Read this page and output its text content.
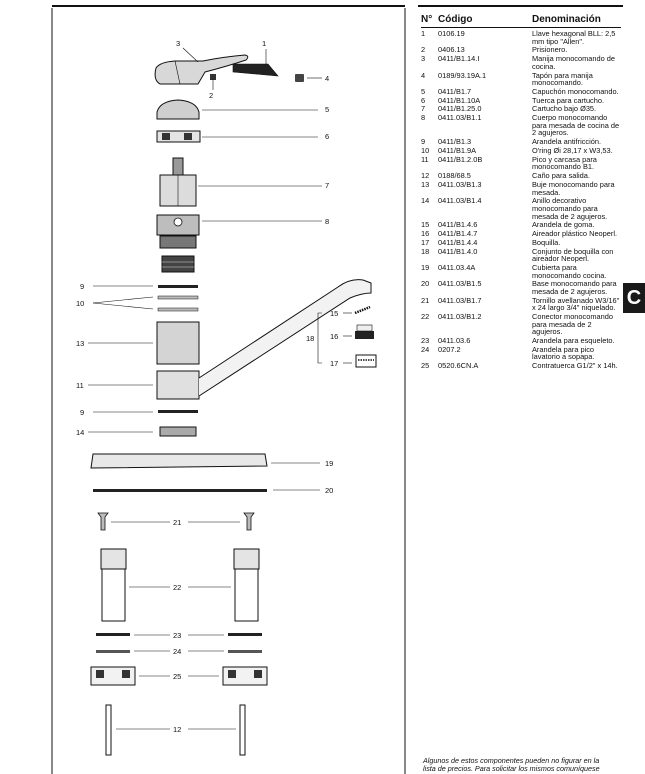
3	1
2
4
5
6
7
8
9
10
13
11
9
14
15
16
17
18
19
20
21
22
23
24
25
12
N° Código	Denominación
1	0106.19	Llave hexagonal BLL: 2,5 mm tipo "Allen".
2	0406.13	Prisionero.
3	0411/B1.14.I	Manija monocomando de cocina.
4	0189/93.19A.1	Tapón para manija monocomando.
5	0411/B1.7	Capuchón monocomando.
6	0411/B1.10A	Tuerca para cartucho.
7	0411/B1.25.0	Cartucho bajo Ø35.
8	0411.03/B1.1	Cuerpo monocomando para mesada de cocina de 2 agujeros.
9	0411/B1.3	Arandela antifricción.
10	0411/B1.9A	O'ring Øi 28,17 x W3,53.
11	0411/B1.2.0B	Pico y carcasa para monocomando B1.
12	0188/68.5	Caño para salida.
13	0411.03/B1.3	Buje monocomando para mesada.
14	0411.03/B1.4	Anillo decorativo monocomando para mesada de 2 agujeros.
15	0411/B1.4.6	Arandela de goma.
16	0411/B1.4.7	Aireador plástico Neoperl.
17	0411/B1.4.4	Boquilla.
18	0411/B1.4.0	Conjunto de boquilla con aireador Neoperl.
19	0411.03.4A	Cubierta para monocomando cocina.
20	0411.03/B1.5	Base monocomando para mesada de 2 agujeros.
21	0411.03/B1.7	Tornillo avellanado W3/16" x 24 largo 3/4" niquelado.
22	0411.03/B1.2	Conector monocomando para mesada de 2 agujeros.
23	0411.03.6	Arandela para esqueleto.
24	0207.2	Arandela para pico lavatorio a sopapa.
25	0520.6CN.A	Contratuerca G1/2" x 14h.
C
Algunos de estos componentes pueden no figurar en la
lista de precios. Para solicitar los mismos comuníquese
